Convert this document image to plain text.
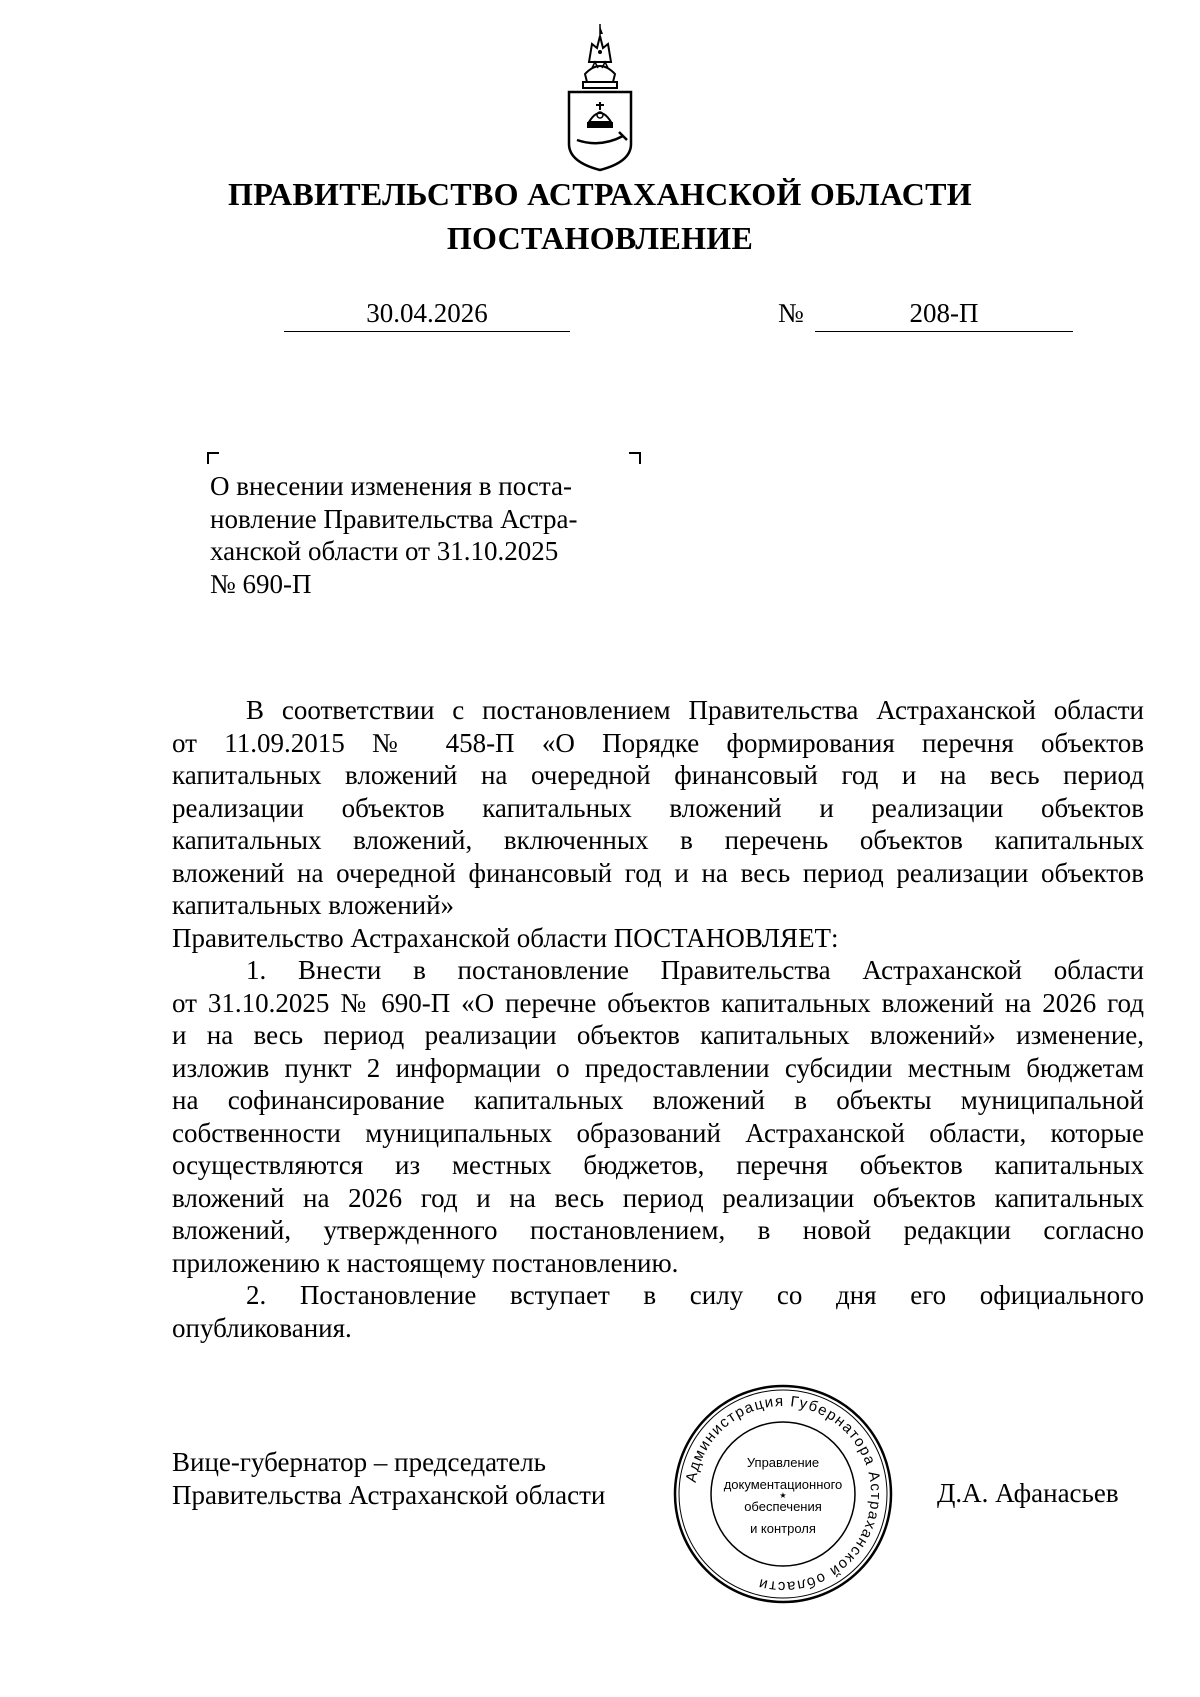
ПРАВИТЕЛЬСТВО АСТРАХАНСКОЙ ОБЛАСТИ
ПОСТАНОВЛЕНИЕ
30.04.2026	№	208-П
О внесении изменения в поста-
новление Правительства Астра-
ханской области от 31.10.2025
№ 690-П
В соответствии с постановлением Правительства Астраханской области
от 11.09.2015 № 458-П «О Порядке формирования перечня объектов
капитальных вложений на очередной финансовый год и на весь период
реализации объектов капитальных вложений и реализации объектов
капитальных вложений, включенных в перечень объектов капитальных
вложений на очередной финансовый год и на весь период реализации объектов
капитальных вложений»
Правительство Астраханской области ПОСТАНОВЛЯЕТ:
1. Внести в постановление Правительства Астраханской области
от 31.10.2025 № 690-П «О перечне объектов капитальных вложений на 2026 год
и на весь период реализации объектов капитальных вложений» изменение,
изложив пункт 2 информации о предоставлении субсидии местным бюджетам
на софинансирование капитальных вложений в объекты муниципальной
собственности муниципальных образований Астраханской области, которые
осуществляются из местных бюджетов, перечня объектов капитальных
вложений на 2026 год и на весь период реализации объектов капитальных
вложений, утвержденного постановлением, в новой редакции согласно
приложению к настоящему постановлению.
2. Постановление вступает в силу со дня его официального
опубликования.
Вице-губернатор – председатель
Правительства Астраханской области	Д.А. Афанасьев
Администрация Губернатора Астраханской области
★
Управление
документационного
обеспечения
и контроля
